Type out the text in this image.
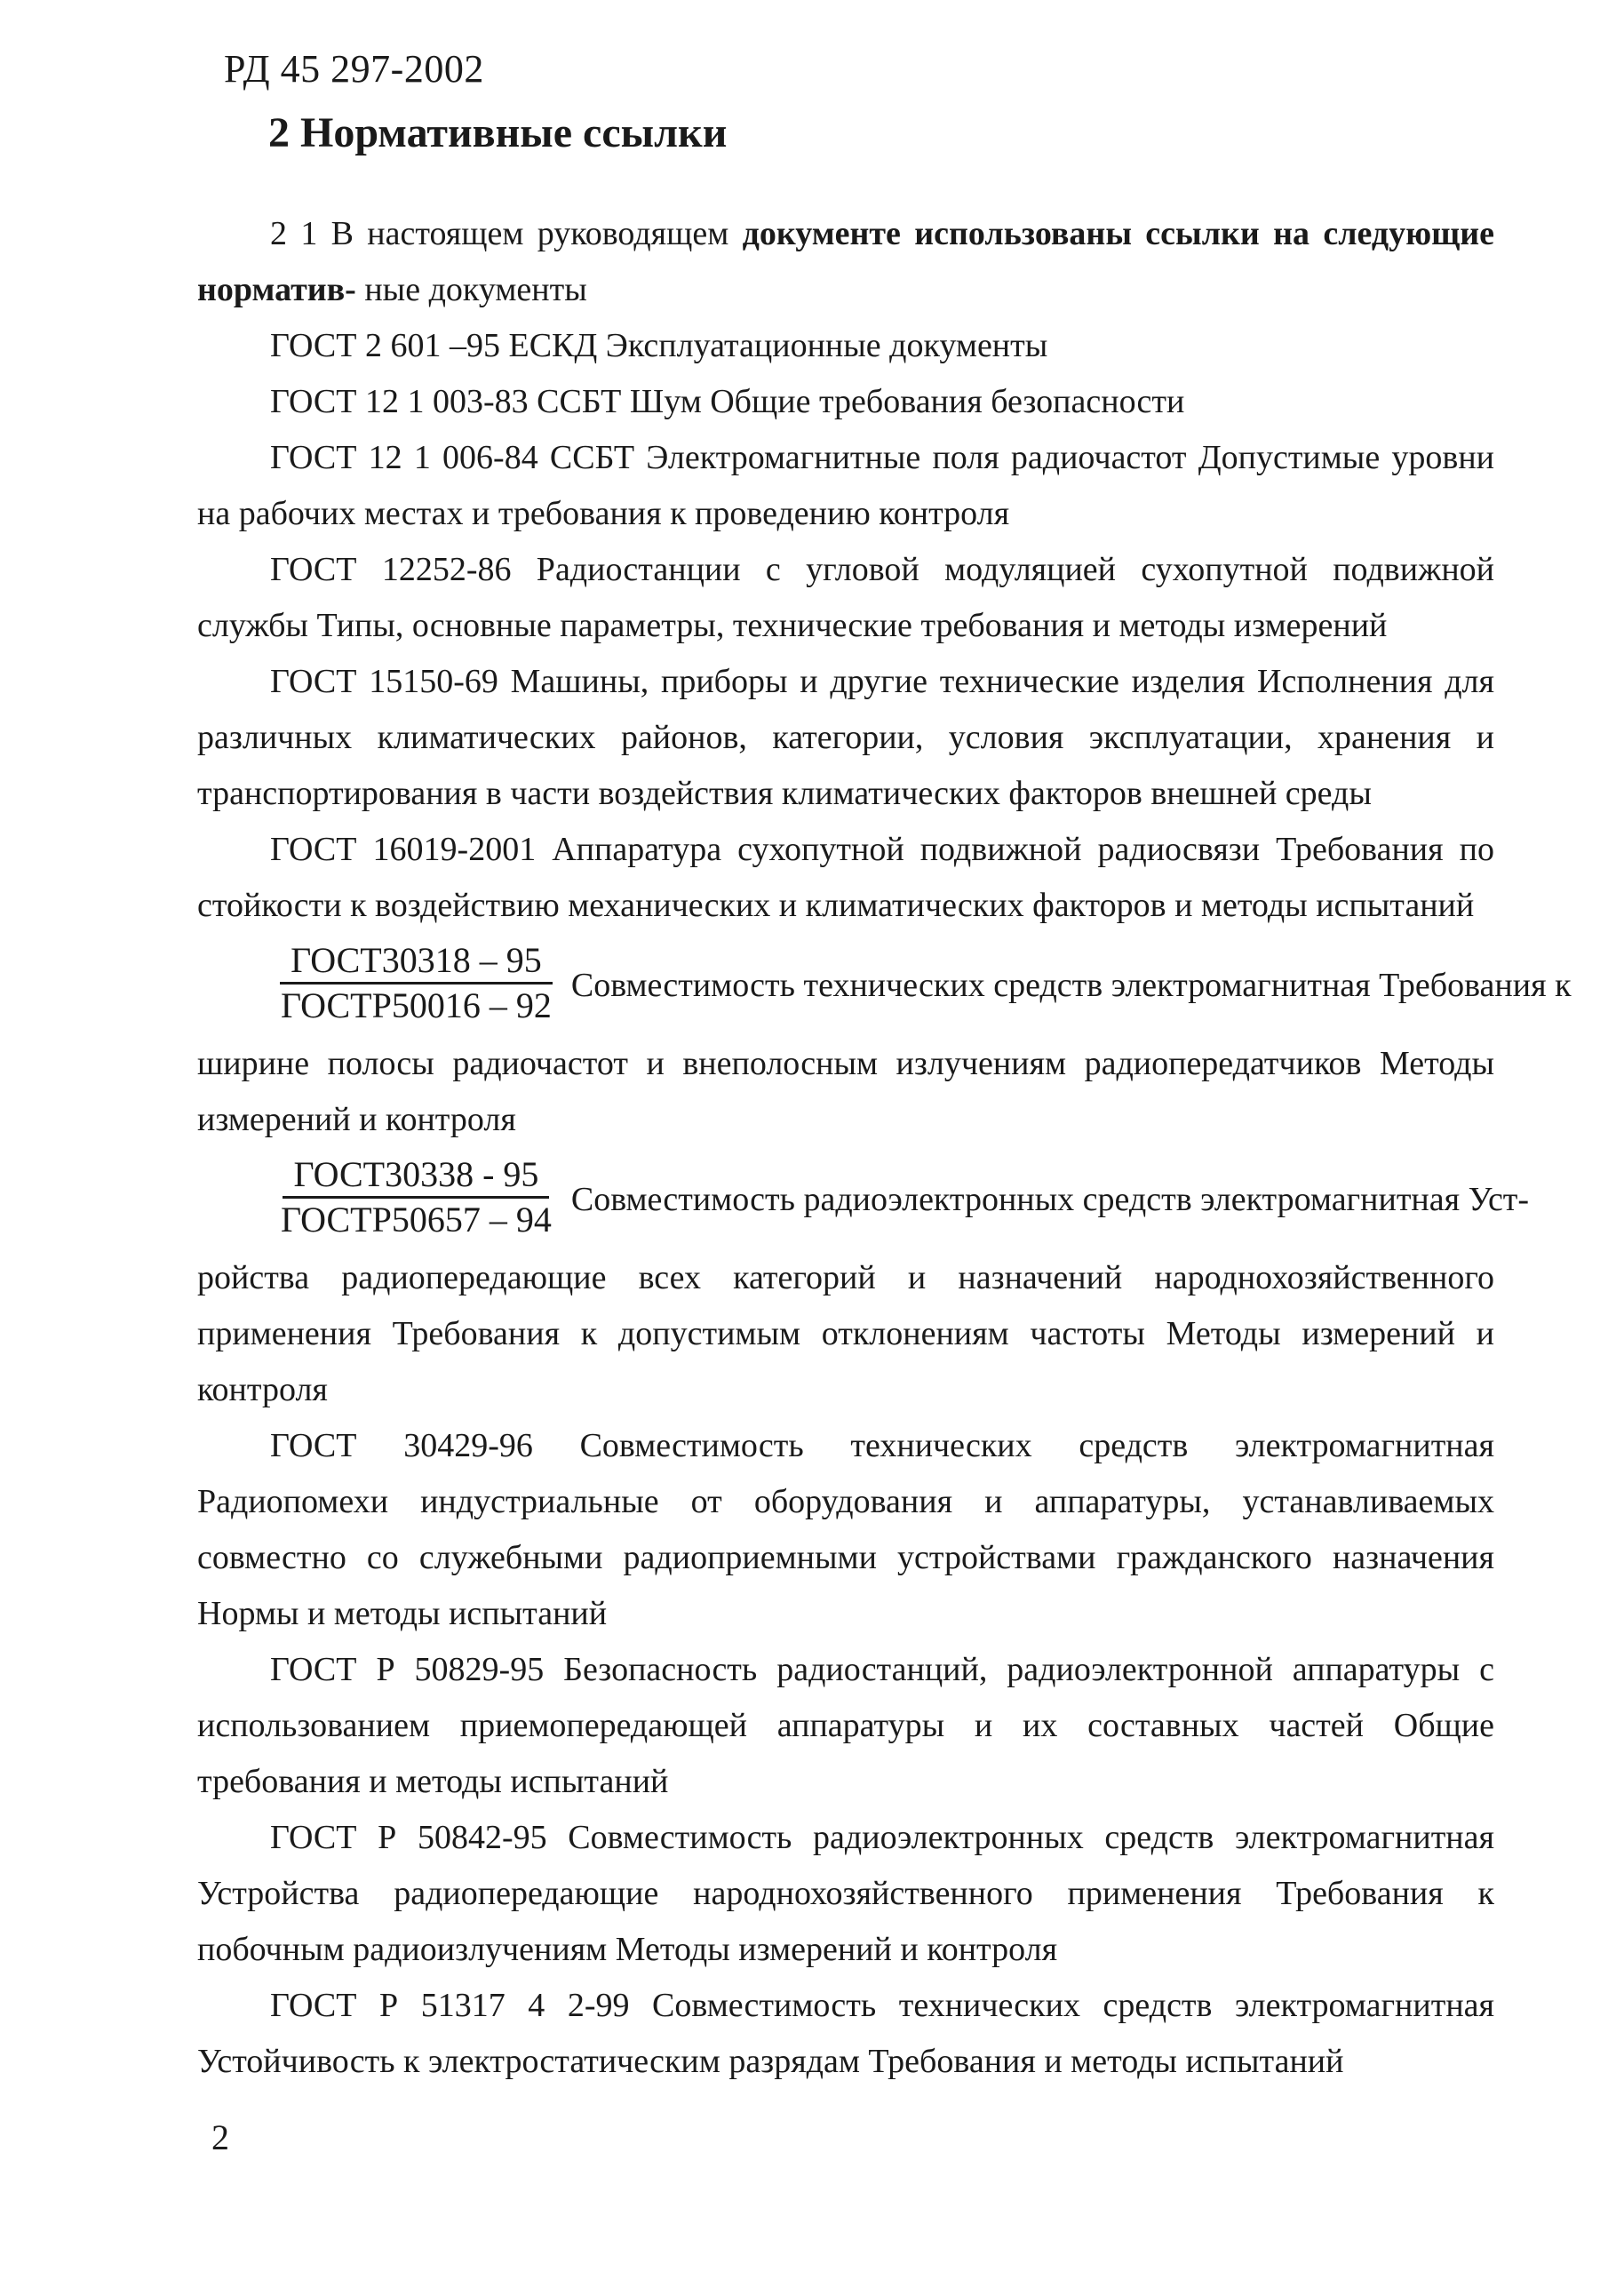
РД 45 297-2002
2 Нормативные ссылки

2 1 В настоящем руководящем документе использованы ссылки на следующие норматив- ные документы

ГОСТ 2 601 –95 ЕСКД Эксплуатационные документы

ГОСТ 12 1 003-83 ССБТ Шум Общие требования безопасности

ГОСТ 12 1 006-84 ССБТ Электромагнитные поля радиочастот Допустимые уровни на рабочих местах и требования к проведению контроля

ГОСТ 12252-86 Радиостанции с угловой модуляцией сухопутной подвижной службы Типы, основные параметры, технические требования и методы измерений

ГОСТ 15150-69 Машины, приборы и другие технические изделия Исполнения для различных климатических районов, категории, условия эксплуатации, хранения и транспортирования в части воздействия климатических факторов внешней среды

ГОСТ 16019-2001 Аппаратура сухопутной подвижной радиосвязи Требования по стойкости к воздействию механических и климатических факторов и методы испытаний

$\frac{\text{ГОСТ30318 – 95}}{\text{ГОСТР50016 – 92}}$ Совместимость технических средств электромагнитная Требования к

ширине полосы радиочастот и внеполосным излучениям радиопередатчиков Методы измерений и контроля

$\frac{\text{ГОСТ30338 - 95}}{\text{ГОСТР50657 – 94}}$ Совместимость радиоэлектронных средств электромагнитная Уст-

ройства радиопередающие всех категорий и назначений народнохозяйственного применения Требования к допустимым отклонениям частоты Методы измерений и контроля

ГОСТ 30429-96 Совместимость технических средств электромагнитная Радиопомехи индустриальные от оборудования и аппаратуры, устанавливаемых совместно со служебными радиоприемными устройствами гражданского назначения Нормы и методы испытаний

ГОСТ Р 50829-95 Безопасность радиостанций, радиоэлектронной аппаратуры с использованием приемопередающей аппаратуры и их составных частей Общие требования и методы испытаний

ГОСТ Р 50842-95 Совместимость радиоэлектронных средств электромагнитная Устройства радиопередающие народнохозяйственного применения Требования к побочным радиоизлучениям Методы измерений и контроля

ГОСТ Р 51317 4 2-99 Совместимость технических средств электромагнитная Устойчивость к электростатическим разрядам Требования и методы испытаний

2
